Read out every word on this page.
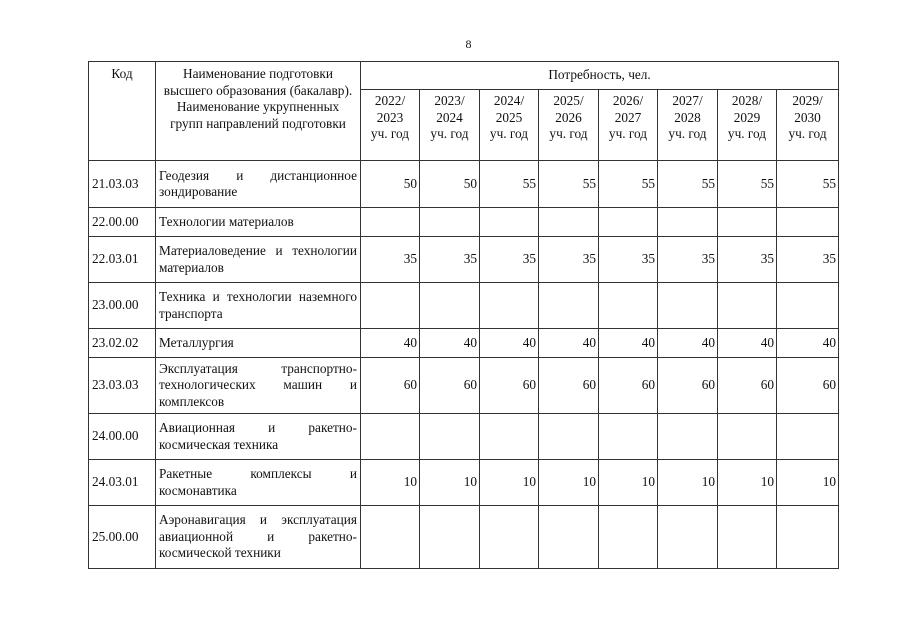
8
Код	Наименование подготовки высшего образования (бакалавр). Наименование укрупненных групп направлений подготовки	Потребность, чел.							

		2022/
2023
уч. год	2023/
2024
уч. год	2024/
2025
уч. год	2025/
2026
уч. год	2026/
2027
уч. год	2027/
2028
уч. год	2028/
2029
уч. год	2029/
2030
уч. год

21.03.03	Геодезия и дистанционное зондирование	50	50	55	55	55	55	55	55
22.00.00	Технологии материалов								
22.03.01	Материаловедение и технологии материалов	35	35	35	35	35	35	35	35
23.00.00	Техника и технологии наземного транспорта								
23.02.02	Металлургия	40	40	40	40	40	40	40	40
23.03.03	Эксплуатация транспортно-технологических машин и комплексов	60	60	60	60	60	60	60	60
24.00.00	Авиационная и ракетно-космическая техника								
24.03.01	Ракетные комплексы и космонавтика	10	10	10	10	10	10	10	10
25.00.00	Аэронавигация и эксплуатация авиационной и ракетно-космической техники								
